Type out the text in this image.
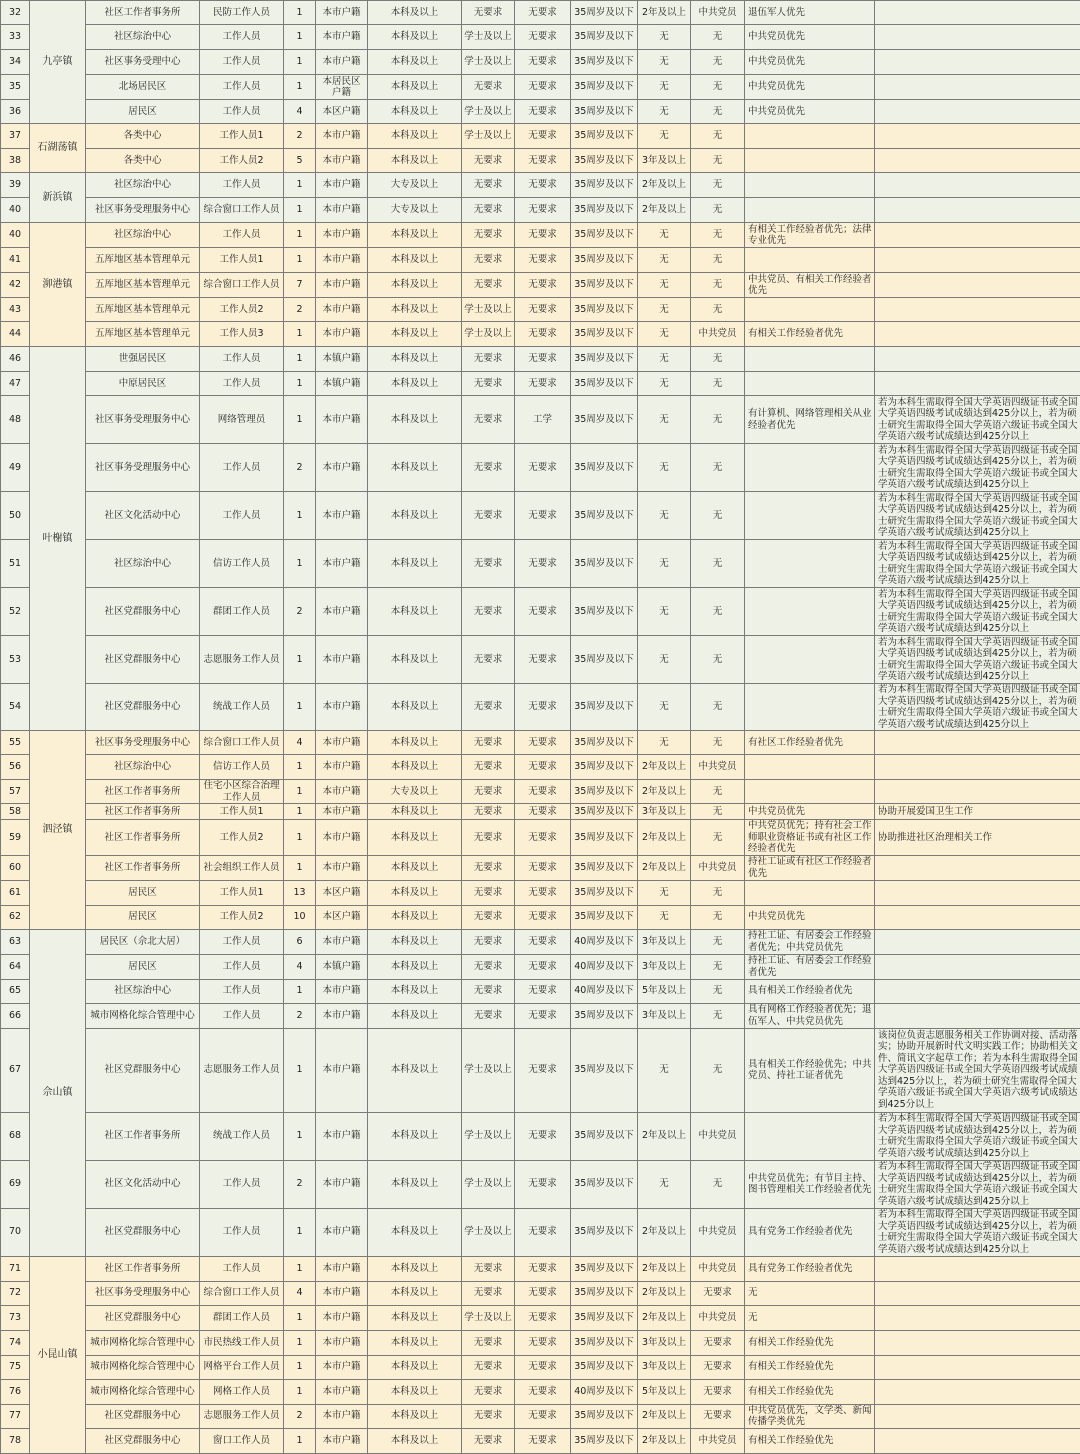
32	九亭镇	社区工作者事务所	民防工作人员	1	本市户籍	本科及以上	无要求	无要求	35周岁及以下	2年及以上	中共党员	退伍军人优先	
33		社区综治中心	工作人员	1	本市户籍	本科及以上	学士及以上	无要求	35周岁及以下	无	无	中共党员优先	
34		社区事务受理中心	工作人员	1	本市户籍	本科及以上	学士及以上	无要求	35周岁及以下	无	无	中共党员优先	
35		北场居民区	工作人员	1	本居民区户籍	本科及以上	无要求	无要求	35周岁及以下	无	无	中共党员优先	
36		居民区	工作人员	4	本区户籍	本科及以上	学士及以上	无要求	35周岁及以下	无	无	中共党员优先	
37	石湖荡镇	各类中心	工作人员1	2	本市户籍	本科及以上	学士及以上	无要求	35周岁及以下	无	无		
38		各类中心	工作人员2	5	本市户籍	本科及以上	无要求	无要求	35周岁及以下	3年及以上	无		
39	新浜镇	社区综治中心	工作人员	1	本市户籍	大专及以上	无要求	无要求	35周岁及以下	2年及以上	无		
40		社区事务受理服务中心	综合窗口工作人员	1	本市户籍	大专及以上	无要求	无要求	35周岁及以下	2年及以上	无		
40	泖港镇	社区综治中心	工作人员	1	本市户籍	本科及以上	无要求	无要求	35周岁及以下	无	无	有相关工作经验者优先；法律专业优先	
41		五厍地区基本管理单元	工作人员1	1	本市户籍	本科及以上	无要求	无要求	35周岁及以下	无	无		
42		五厍地区基本管理单元	综合窗口工作人员	7	本市户籍	本科及以上	无要求	无要求	35周岁及以下	无	无	中共党员、有相关工作经验者优先	
43		五厍地区基本管理单元	工作人员2	2	本市户籍	本科及以上	学士及以上	无要求	35周岁及以下	无	无		
44		五厍地区基本管理单元	工作人员3	1	本市户籍	本科及以上	学士及以上	无要求	35周岁及以下	无	中共党员	有相关工作经验者优先	
46	叶榭镇	世强居民区	工作人员	1	本镇户籍	本科及以上	无要求	无要求	35周岁及以下	无	无		
47		中原居民区	工作人员	1	本镇户籍	本科及以上	无要求	无要求	35周岁及以下	无	无		
48		社区事务受理服务中心	网络管理员	1	本市户籍	本科及以上	无要求	工学	35周岁及以下	无	无	有计算机、网络管理相关从业经验者优先	若为本科生需取得全国大学英语四级证书或全国大学英语四级考试成绩达到425分以上，若为硕士研究生需取得全国大学英语六级证书或全国大学英语六级考试成绩达到425分以上
49		社区事务受理服务中心	工作人员	2	本市户籍	本科及以上	无要求	无要求	35周岁及以下	无	无		若为本科生需取得全国大学英语四级证书或全国大学英语四级考试成绩达到425分以上，若为硕士研究生需取得全国大学英语六级证书或全国大学英语六级考试成绩达到425分以上
50		社区文化活动中心	工作人员	1	本市户籍	本科及以上	无要求	无要求	35周岁及以下	无	无		若为本科生需取得全国大学英语四级证书或全国大学英语四级考试成绩达到425分以上，若为硕士研究生需取得全国大学英语六级证书或全国大学英语六级考试成绩达到425分以上
51		社区综治中心	信访工作人员	1	本市户籍	本科及以上	无要求	无要求	35周岁及以下	无	无		若为本科生需取得全国大学英语四级证书或全国大学英语四级考试成绩达到425分以上，若为硕士研究生需取得全国大学英语六级证书或全国大学英语六级考试成绩达到425分以上
52		社区党群服务中心	群团工作人员	2	本市户籍	本科及以上	无要求	无要求	35周岁及以下	无	无		若为本科生需取得全国大学英语四级证书或全国大学英语四级考试成绩达到425分以上，若为硕士研究生需取得全国大学英语六级证书或全国大学英语六级考试成绩达到425分以上
53		社区党群服务中心	志愿服务工作人员	1	本市户籍	本科及以上	无要求	无要求	35周岁及以下	无	无		若为本科生需取得全国大学英语四级证书或全国大学英语四级考试成绩达到425分以上，若为硕士研究生需取得全国大学英语六级证书或全国大学英语六级考试成绩达到425分以上
54		社区党群服务中心	统战工作人员	1	本市户籍	本科及以上	无要求	无要求	35周岁及以下	无	无		若为本科生需取得全国大学英语四级证书或全国大学英语四级考试成绩达到425分以上，若为硕士研究生需取得全国大学英语六级证书或全国大学英语六级考试成绩达到425分以上
55	泗泾镇	社区事务受理服务中心	综合窗口工作人员	4	本市户籍	本科及以上	无要求	无要求	35周岁及以下	无	无	有社区工作经验者优先	
56		社区综治中心	信访工作人员	1	本市户籍	本科及以上	无要求	无要求	35周岁及以下	2年及以上	中共党员		
57		社区工作者事务所	住宅小区综合治理工作人员	1	本市户籍	大专及以上	无要求	无要求	35周岁及以下	2年及以上	无		
58		社区工作者事务所	工作人员1	1	本市户籍	本科及以上	无要求	无要求	35周岁及以下	3年及以上	无	中共党员优先	协助开展爱国卫生工作
59		社区工作者事务所	工作人员2	1	本市户籍	本科及以上	无要求	无要求	35周岁及以下	2年及以上	无	中共党员优先；持有社会工作师职业资格证书或有社区工作经验者优先	协助推进社区治理相关工作
60		社区工作者事务所	社会组织工作人员	1	本市户籍	本科及以上	无要求	无要求	35周岁及以下	2年及以上	中共党员	持社工证或有社区工作经验者优先	
61		居民区	工作人员1	13	本区户籍	本科及以上	无要求	无要求	35周岁及以下	无	无		
62		居民区	工作人员2	10	本区户籍	本科及以上	无要求	无要求	35周岁及以下	无	无	中共党员优先	
63	佘山镇	居民区（佘北大居）	工作人员	6	本市户籍	本科及以上	无要求	无要求	40周岁及以下	3年及以上	无	持社工证、有居委会工作经验者优先；中共党员优先	
64		居民区	工作人员	4	本镇户籍	本科及以上	无要求	无要求	40周岁及以下	3年及以上	无	持社工证、有居委会工作经验者优先	
65		社区综治中心	工作人员	1	本市户籍	本科及以上	无要求	无要求	40周岁及以下	5年及以上	无	具有相关工作经验者优先	
66		城市网格化综合管理中心	工作人员	2	本市户籍	本科及以上	无要求	无要求	35周岁及以下	3年及以上	无	具有网格工作经验者优先；退伍军人、中共党员优先	
67		社区党群服务中心	志愿服务工作人员	1	本市户籍	本科及以上	学士及以上	无要求	35周岁及以下	无	无	具有相关工作经验优先；中共党员、持社工证者优先	该岗位负责志愿服务相关工作协调对接、活动落实；协助开展新时代文明实践工作；协助相关文件、简讯文字起草工作；若为本科生需取得全国大学英语四级证书或全国大学英语四级考试成绩达到425分以上，若为硕士研究生需取得全国大学英语六级证书或全国大学英语六级考试成绩达到425分以上
68		社区工作者事务所	统战工作人员	1	本市户籍	本科及以上	学士及以上	无要求	35周岁及以下	2年及以上	中共党员		若为本科生需取得全国大学英语四级证书或全国大学英语四级考试成绩达到425分以上，若为硕士研究生需取得全国大学英语六级证书或全国大学英语六级考试成绩达到425分以上
69		社区文化活动中心	工作人员	2	本市户籍	本科及以上	学士及以上	无要求	35周岁及以下	无	无	中共党员优先；有节目主持、图书管理相关工作经验者优先	若为本科生需取得全国大学英语四级证书或全国大学英语四级考试成绩达到425分以上，若为硕士研究生需取得全国大学英语六级证书或全国大学英语六级考试成绩达到425分以上
70		社区党群服务中心	工作人员	1	本市户籍	本科及以上	学士及以上	无要求	35周岁及以下	2年及以上	中共党员	具有党务工作经验者优先	若为本科生需取得全国大学英语四级证书或全国大学英语四级考试成绩达到425分以上，若为硕士研究生需取得全国大学英语六级证书或全国大学英语六级考试成绩达到425分以上
71	小昆山镇	社区工作者事务所	工作人员	1	本市户籍	本科及以上	无要求	无要求	35周岁及以下	2年及以上	中共党员	具有党务工作经验者优先	
72		社区事务受理服务中心	综合窗口工作人员	4	本市户籍	本科及以上	无要求	无要求	35周岁及以下	2年及以上	无要求	无	
73		社区党群服务中心	群团工作人员	1	本市户籍	本科及以上	学士及以上	无要求	35周岁及以下	2年及以上	中共党员	无	
74		城市网格化综合管理中心	市民热线工作人员	1	本市户籍	本科及以上	无要求	无要求	35周岁及以下	3年及以上	无要求	有相关工作经验优先	
75		城市网格化综合管理中心	网格平台工作人员	1	本市户籍	本科及以上	无要求	无要求	35周岁及以下	3年及以上	无要求	有相关工作经验优先	
76		城市网格化综合管理中心	网格工作人员	1	本市户籍	本科及以上	无要求	无要求	40周岁及以下	5年及以上	无要求	有相关工作经验优先	
77		社区党群服务中心	志愿服务工作人员	2	本市户籍	本科及以上	无要求	无要求	35周岁及以下	2年及以上	无要求	中共党员优先，文学类、新闻传播学类优先	
78		社区党群服务中心	窗口工作人员	1	本市户籍	本科及以上	无要求	无要求	35周岁及以下	2年及以上	中共党员	有相关工作经验优先	
